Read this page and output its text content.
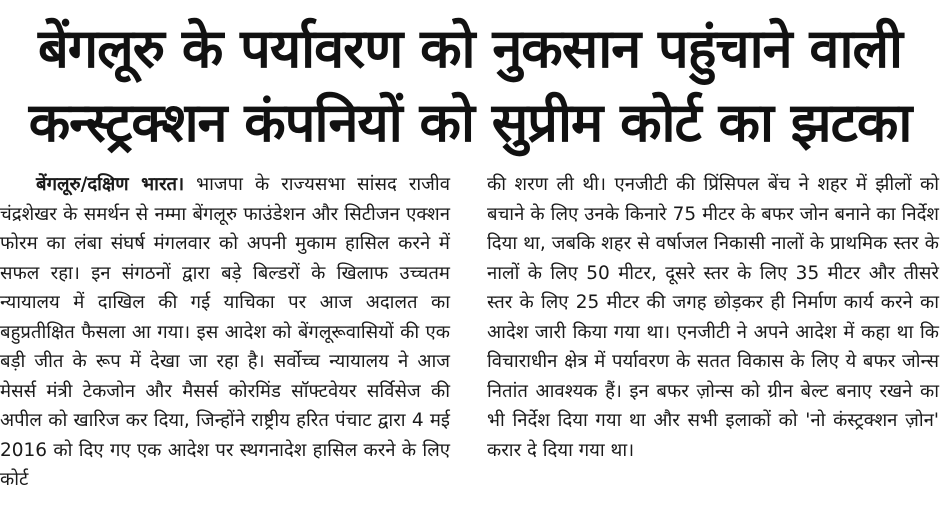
बेंगलूरु के पर्यावरण को नुकसान पहुंचाने वाली
कन्स्ट्रक्शन कंपनियों को सुप्रीम कोर्ट का झटका

बेंगलूरु/दक्षिण भारत। भाजपा के राज्यसभा सांसद राजीव चंद्रशेखर के समर्थन से नम्मा बेंगलूरु फाउंडेशन और सिटीजन एक्शन फोरम का लंबा संघर्ष मंगलवार को अपनी मुकाम हासिल करने में सफल रहा। इन संगठनों द्वारा बड़े बिल्डरों के खिलाफ उच्चतम न्यायालय में दाखिल की गई याचिका पर आज अदालत का बहुप्रतीक्षित फैसला आ गया। इस आदेश को बेंगलूरूवासियों की एक बड़ी जीत के रूप में देखा जा रहा है। सर्वोच्च न्यायालय ने आज मेसर्स मंत्री टेकजोन और मैसर्स कोरमिंड सॉफ्टवेयर सर्विसेज की अपील को खारिज कर दिया, जिन्होंने राष्ट्रीय हरित पंचाट द्वारा 4 मई 2016 को दिए गए एक आदेश पर स्थगनादेश हासिल करने के लिए कोर्ट

की शरण ली थी। एनजीटी की प्रिंसिपल बेंच ने शहर में झीलों को बचाने के लिए उनके किनारे 75 मीटर के बफर जोन बनाने का निर्देश दिया था, जबकि शहर से वर्षाजल निकासी नालों के प्राथमिक स्तर के नालों के लिए 50 मीटर, दूसरे स्तर के लिए 35 मीटर और तीसरे स्तर के लिए 25 मीटर की जगह छोड़कर ही निर्माण कार्य करने का आदेश जारी किया गया था। एनजीटी ने अपने आदेश में कहा था कि विचाराधीन क्षेत्र में पर्यावरण के सतत विकास के लिए ये बफर जोन्स नितांत आवश्यक हैं। इन बफर ज़ोन्स को ग्रीन बेल्ट बनाए रखने का भी निर्देश दिया गया था और सभी इलाकों को 'नो कंस्ट्रक्शन ज़ोन' करार दे दिया गया था।
